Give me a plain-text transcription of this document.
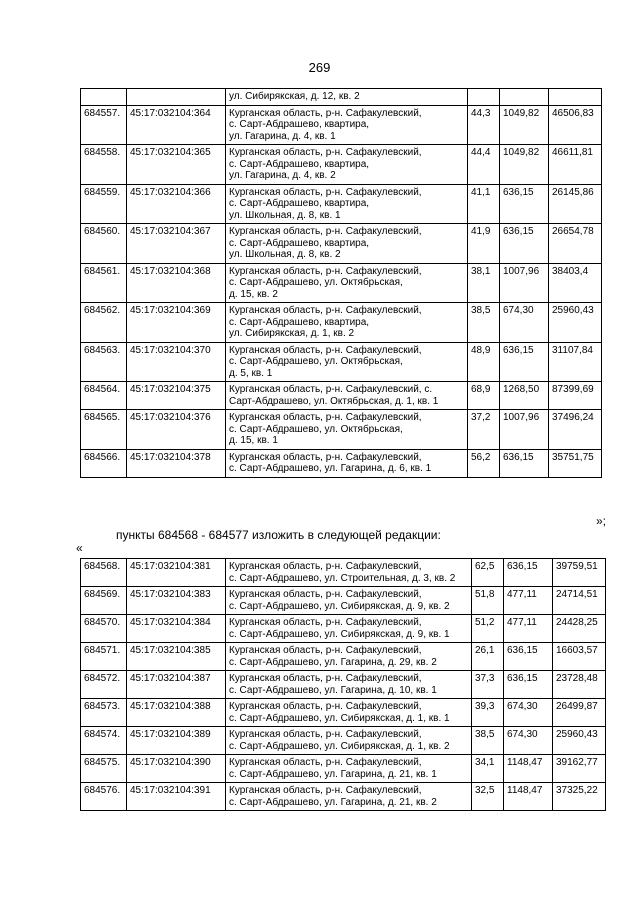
269
		ул. Сибирякская, д. 12, кв. 2			
684557.	45:17:032104:364	Курганская область, р-н. Сафакулевский,
с. Сарт-Абдрашево, квартира,
ул. Гагарина, д. 4, кв. 1	44,3	1049,82	46506,83
684558.	45:17:032104:365	Курганская область, р-н. Сафакулевский,
с. Сарт-Абдрашево, квартира,
ул. Гагарина, д. 4, кв. 2	44,4	1049,82	46611,81
684559.	45:17:032104:366	Курганская область, р-н. Сафакулевский,
с. Сарт-Абдрашево, квартира,
ул. Школьная, д. 8, кв. 1	41,1	636,15	26145,86
684560.	45:17:032104:367	Курганская область, р-н. Сафакулевский,
с. Сарт-Абдрашево, квартира,
ул. Школьная, д. 8, кв. 2	41,9	636,15	26654,78
684561.	45:17:032104:368	Курганская область, р-н. Сафакулевский,
с. Сарт-Абдрашево, ул. Октябрьская,
д. 15, кв. 2	38,1	1007,96	38403,4
684562.	45:17:032104:369	Курганская область, р-н. Сафакулевский,
с. Сарт-Абдрашево, квартира,
ул. Сибирякская, д. 1, кв. 2	38,5	674,30	25960,43
684563.	45:17:032104:370	Курганская область, р-н. Сафакулевский,
с. Сарт-Абдрашево, ул. Октябрьская,
д. 5, кв. 1	48,9	636,15	31107,84
684564.	45:17:032104:375	Курганская область, р-н. Сафакулевский, с.
Сарт-Абдрашево, ул. Октябрьская, д. 1, кв. 1	68,9	1268,50	87399,69
684565.	45:17:032104:376	Курганская область, р-н. Сафакулевский,
с. Сарт-Абдрашево, ул. Октябрьская,
д. 15, кв. 1	37,2	1007,96	37496,24
684566.	45:17:032104:378	Курганская область, р-н. Сафакулевский,
с. Сарт-Абдрашево, ул. Гагарина, д. 6, кв. 1	56,2	636,15	35751,75
»;
пункты 684568 - 684577 изложить в следующей редакции:
«
684568.	45:17:032104:381	Курганская область, р-н. Сафакулевский,
с. Сарт-Абдрашево, ул. Строительная, д. 3, кв. 2	62,5	636,15	39759,51
684569.	45:17:032104:383	Курганская область, р-н. Сафакулевский,
с. Сарт-Абдрашево, ул. Сибирякская, д. 9, кв. 2	51,8	477,11	24714,51
684570.	45:17:032104:384	Курганская область, р-н. Сафакулевский,
с. Сарт-Абдрашево, ул. Сибирякская, д. 9, кв. 1	51,2	477,11	24428,25
684571.	45:17:032104:385	Курганская область, р-н. Сафакулевский,
с. Сарт-Абдрашево, ул. Гагарина, д. 29, кв. 2	26,1	636,15	16603,57
684572.	45:17:032104:387	Курганская область, р-н. Сафакулевский,
с. Сарт-Абдрашево, ул. Гагарина, д. 10, кв. 1	37,3	636,15	23728,48
684573.	45:17:032104:388	Курганская область, р-н. Сафакулевский,
с. Сарт-Абдрашево, ул. Сибирякская, д. 1, кв. 1	39,3	674,30	26499,87
684574.	45:17:032104:389	Курганская область, р-н. Сафакулевский,
с. Сарт-Абдрашево, ул. Сибирякская, д. 1, кв. 2	38,5	674,30	25960,43
684575.	45:17:032104:390	Курганская область, р-н. Сафакулевский,
с. Сарт-Абдрашево, ул. Гагарина, д. 21, кв. 1	34,1	1148,47	39162,77
684576.	45:17:032104:391	Курганская область, р-н. Сафакулевский,
с. Сарт-Абдрашево, ул. Гагарина, д. 21, кв. 2	32,5	1148,47	37325,22
